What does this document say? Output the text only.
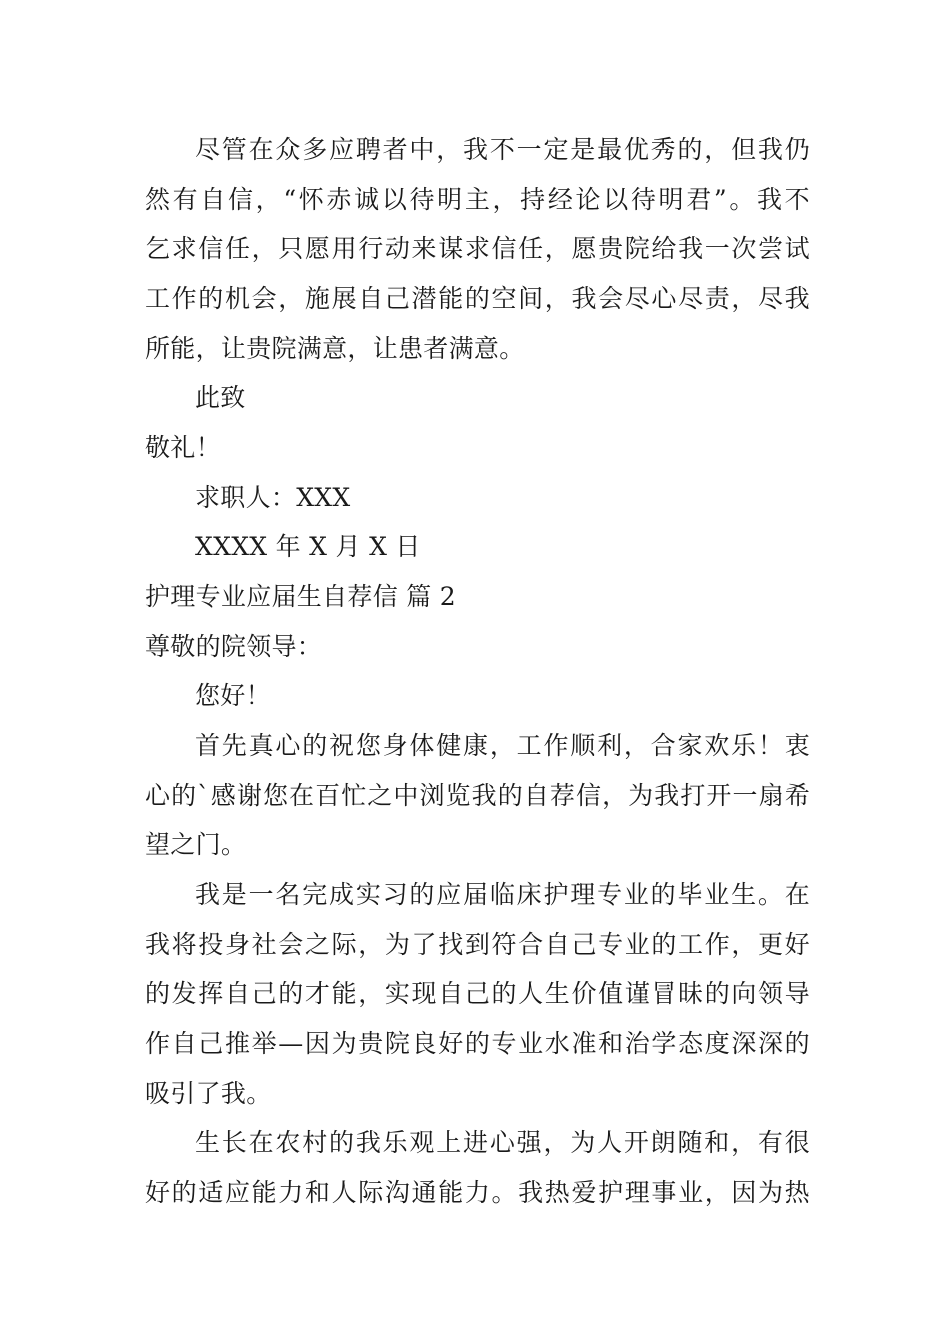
尽管在众多应聘者中，我不一定是最优秀的，但我仍
然有自信，“怀赤诚以待明主，持经论以待明君”。我不
乞求信任，只愿用行动来谋求信任，愿贵院给我一次尝试
工作的机会，施展自己潜能的空间，我会尽心尽责，尽我
所能，让贵院满意，让患者满意。
此致
敬礼！
求职人：XXX
XXXX 年 X 月 X 日
护理专业应届生自荐信 篇 2
尊敬的院领导：
您好！
首先真心的祝您身体健康，工作顺利，合家欢乐！衷
心的`感谢您在百忙之中浏览我的自荐信，为我打开一扇希
望之门。
我是一名完成实习的应届临床护理专业的毕业生。在
我将投身社会之际，为了找到符合自己专业的工作，更好
的发挥自己的才能，实现自己的人生价值谨冒昧的向领导
作自己推举—因为贵院良好的专业水准和治学态度深深的
吸引了我。
生长在农村的我乐观上进心强，为人开朗随和，有很
好的适应能力和人际沟通能力。我热爱护理事业，因为热
